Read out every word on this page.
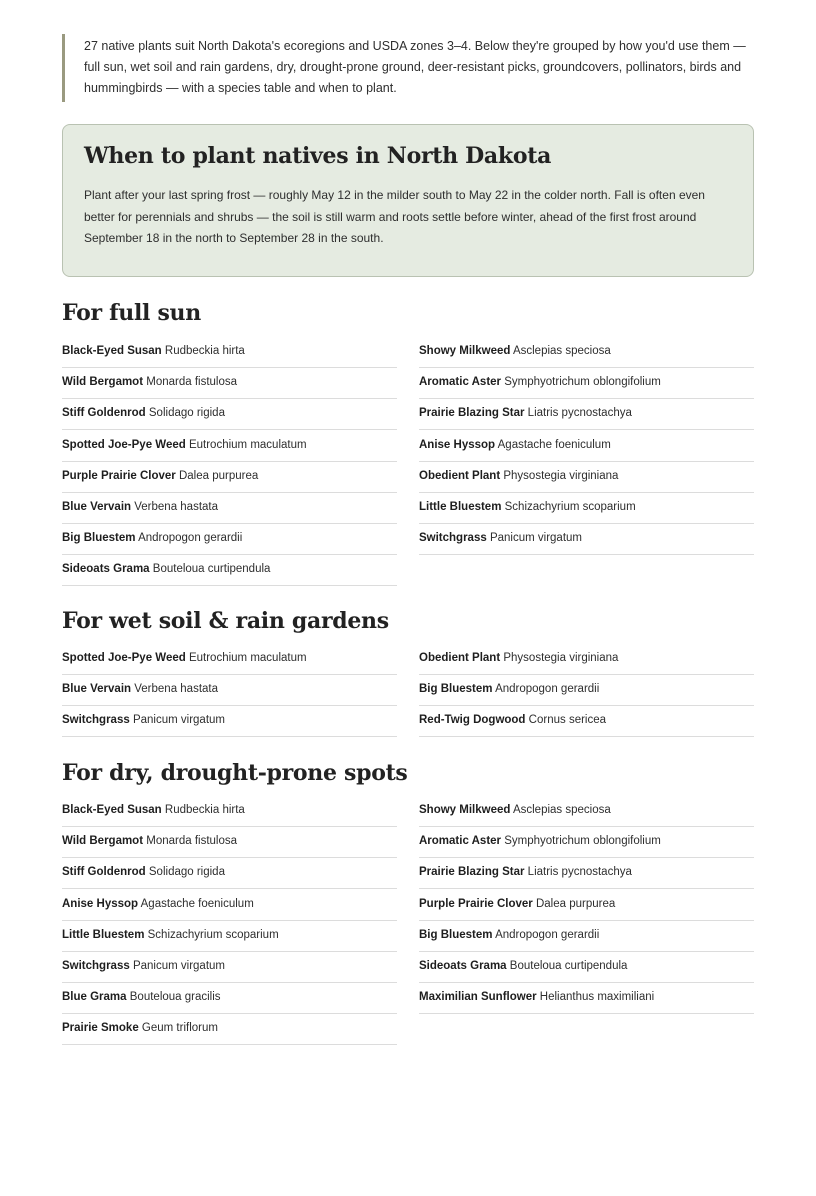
27 native plants suit North Dakota's ecoregions and USDA zones 3–4. Below they're grouped by how you'd use them — full sun, wet soil and rain gardens, dry, drought-prone ground, deer-resistant picks, groundcovers, pollinators, birds and hummingbirds — with a species table and when to plant.
When to plant natives in North Dakota

Plant after your last spring frost — roughly May 12 in the milder south to May 22 in the colder north. Fall is often even better for perennials and shrubs — the soil is still warm and roots settle before winter, ahead of the first frost around September 18 in the north to September 28 in the south.

For full sun
Black-Eyed Susan Rudbeckia hirta	Showy Milkweed Asclepias speciosa
Wild Bergamot Monarda fistulosa	Aromatic Aster Symphyotrichum oblongifolium
Stiff Goldenrod Solidago rigida	Prairie Blazing Star Liatris pycnostachya
Spotted Joe-Pye Weed Eutrochium maculatum	Anise Hyssop Agastache foeniculum
Purple Prairie Clover Dalea purpurea	Obedient Plant Physostegia virginiana
Blue Vervain Verbena hastata	Little Bluestem Schizachyrium scoparium
Big Bluestem Andropogon gerardii	Switchgrass Panicum virgatum
Sideoats Grama Bouteloua curtipendula
For wet soil & rain gardens
Spotted Joe-Pye Weed Eutrochium maculatum	Obedient Plant Physostegia virginiana
Blue Vervain Verbena hastata	Big Bluestem Andropogon gerardii
Switchgrass Panicum virgatum	Red-Twig Dogwood Cornus sericea
For dry, drought-prone spots
Black-Eyed Susan Rudbeckia hirta	Showy Milkweed Asclepias speciosa
Wild Bergamot Monarda fistulosa	Aromatic Aster Symphyotrichum oblongifolium
Stiff Goldenrod Solidago rigida	Prairie Blazing Star Liatris pycnostachya
Anise Hyssop Agastache foeniculum	Purple Prairie Clover Dalea purpurea
Little Bluestem Schizachyrium scoparium	Big Bluestem Andropogon gerardii
Switchgrass Panicum virgatum	Sideoats Grama Bouteloua curtipendula
Blue Grama Bouteloua gracilis	Maximilian Sunflower Helianthus maximiliani
Prairie Smoke Geum triflorum
